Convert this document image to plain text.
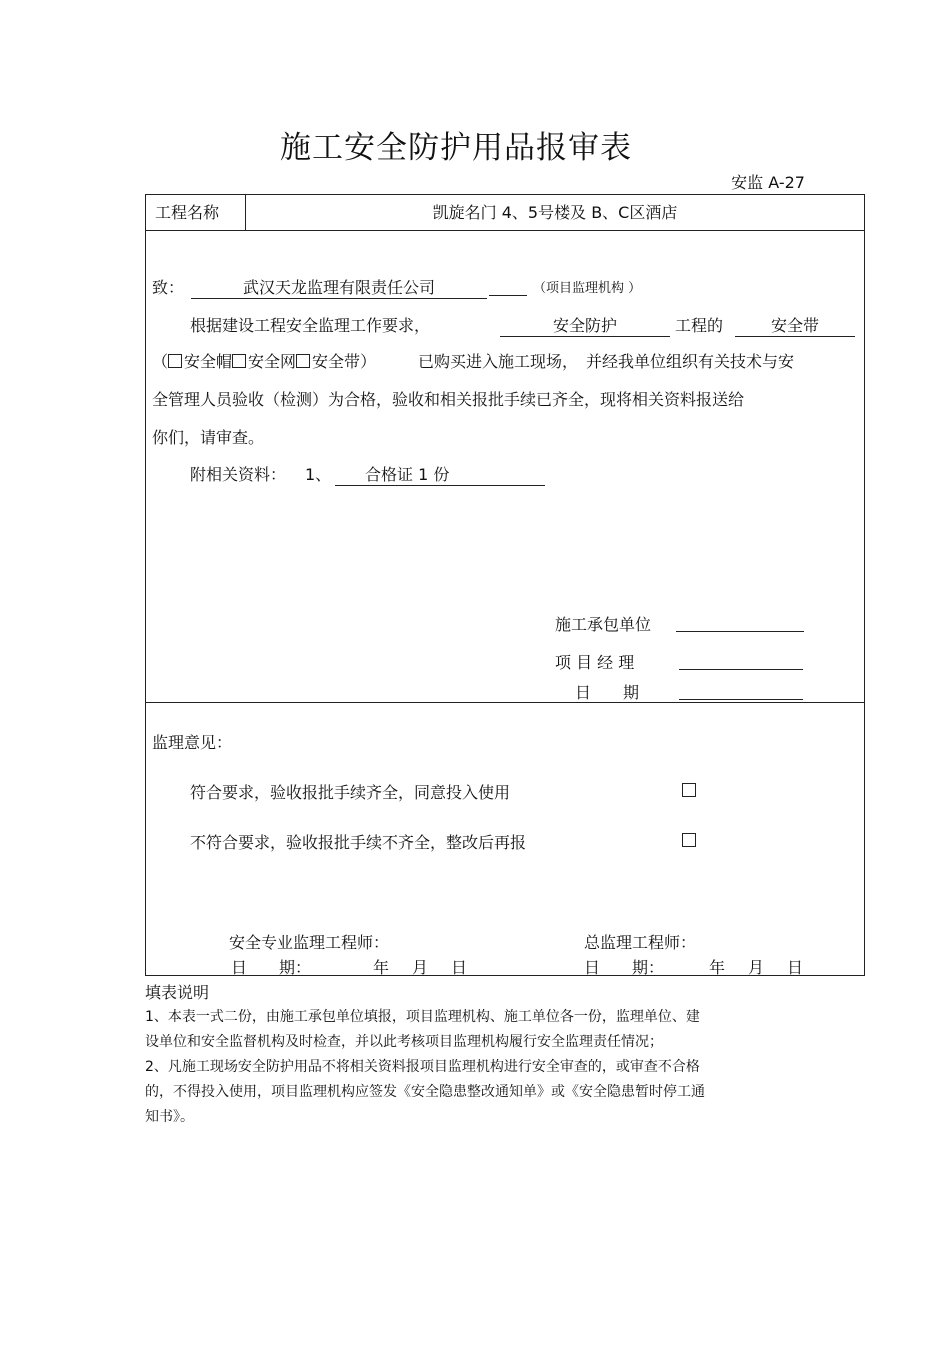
施工安全防护用品报审表
安监 A-27
工程名称	凯旋名门 4、5号楼及 B、C区酒店
致：	武汉天龙监理有限责任公司	（项目监理机构 ）
根据建设工程安全监理工作要求，	安全防护	工程的	安全带
（ 安全帽 安全网 安全带）	已购买进入施工现场，　并经我单位组织有关技术与安
全管理人员验收（检测）为合格，验收和相关报批手续已齐全，现将相关资料报送给
你们，请审查。
附相关资料： 1、	合格证 1 份
施工承包单位
项 目 经 理
日　　期
监理意见：
符合要求，验收报批手续齐全，同意投入使用
不符合要求，验收报批手续不齐全，整改后再报
安全专业监理工程师：	总监理工程师：
日　　期：	年 月 日	日　　期：	年 月 日
填表说明
1、本表一式二份，由施工承包单位填报，项目监理机构、施工单位各一份，监理单位、建
设单位和安全监督机构及时检查，并以此考核项目监理机构履行安全监理责任情况；
2、凡施工现场安全防护用品不将相关资料报项目监理机构进行安全审查的，或审查不合格
的，不得投入使用，项目监理机构应签发《安全隐患整改通知单》或《安全隐患暂时停工通
知书》。
